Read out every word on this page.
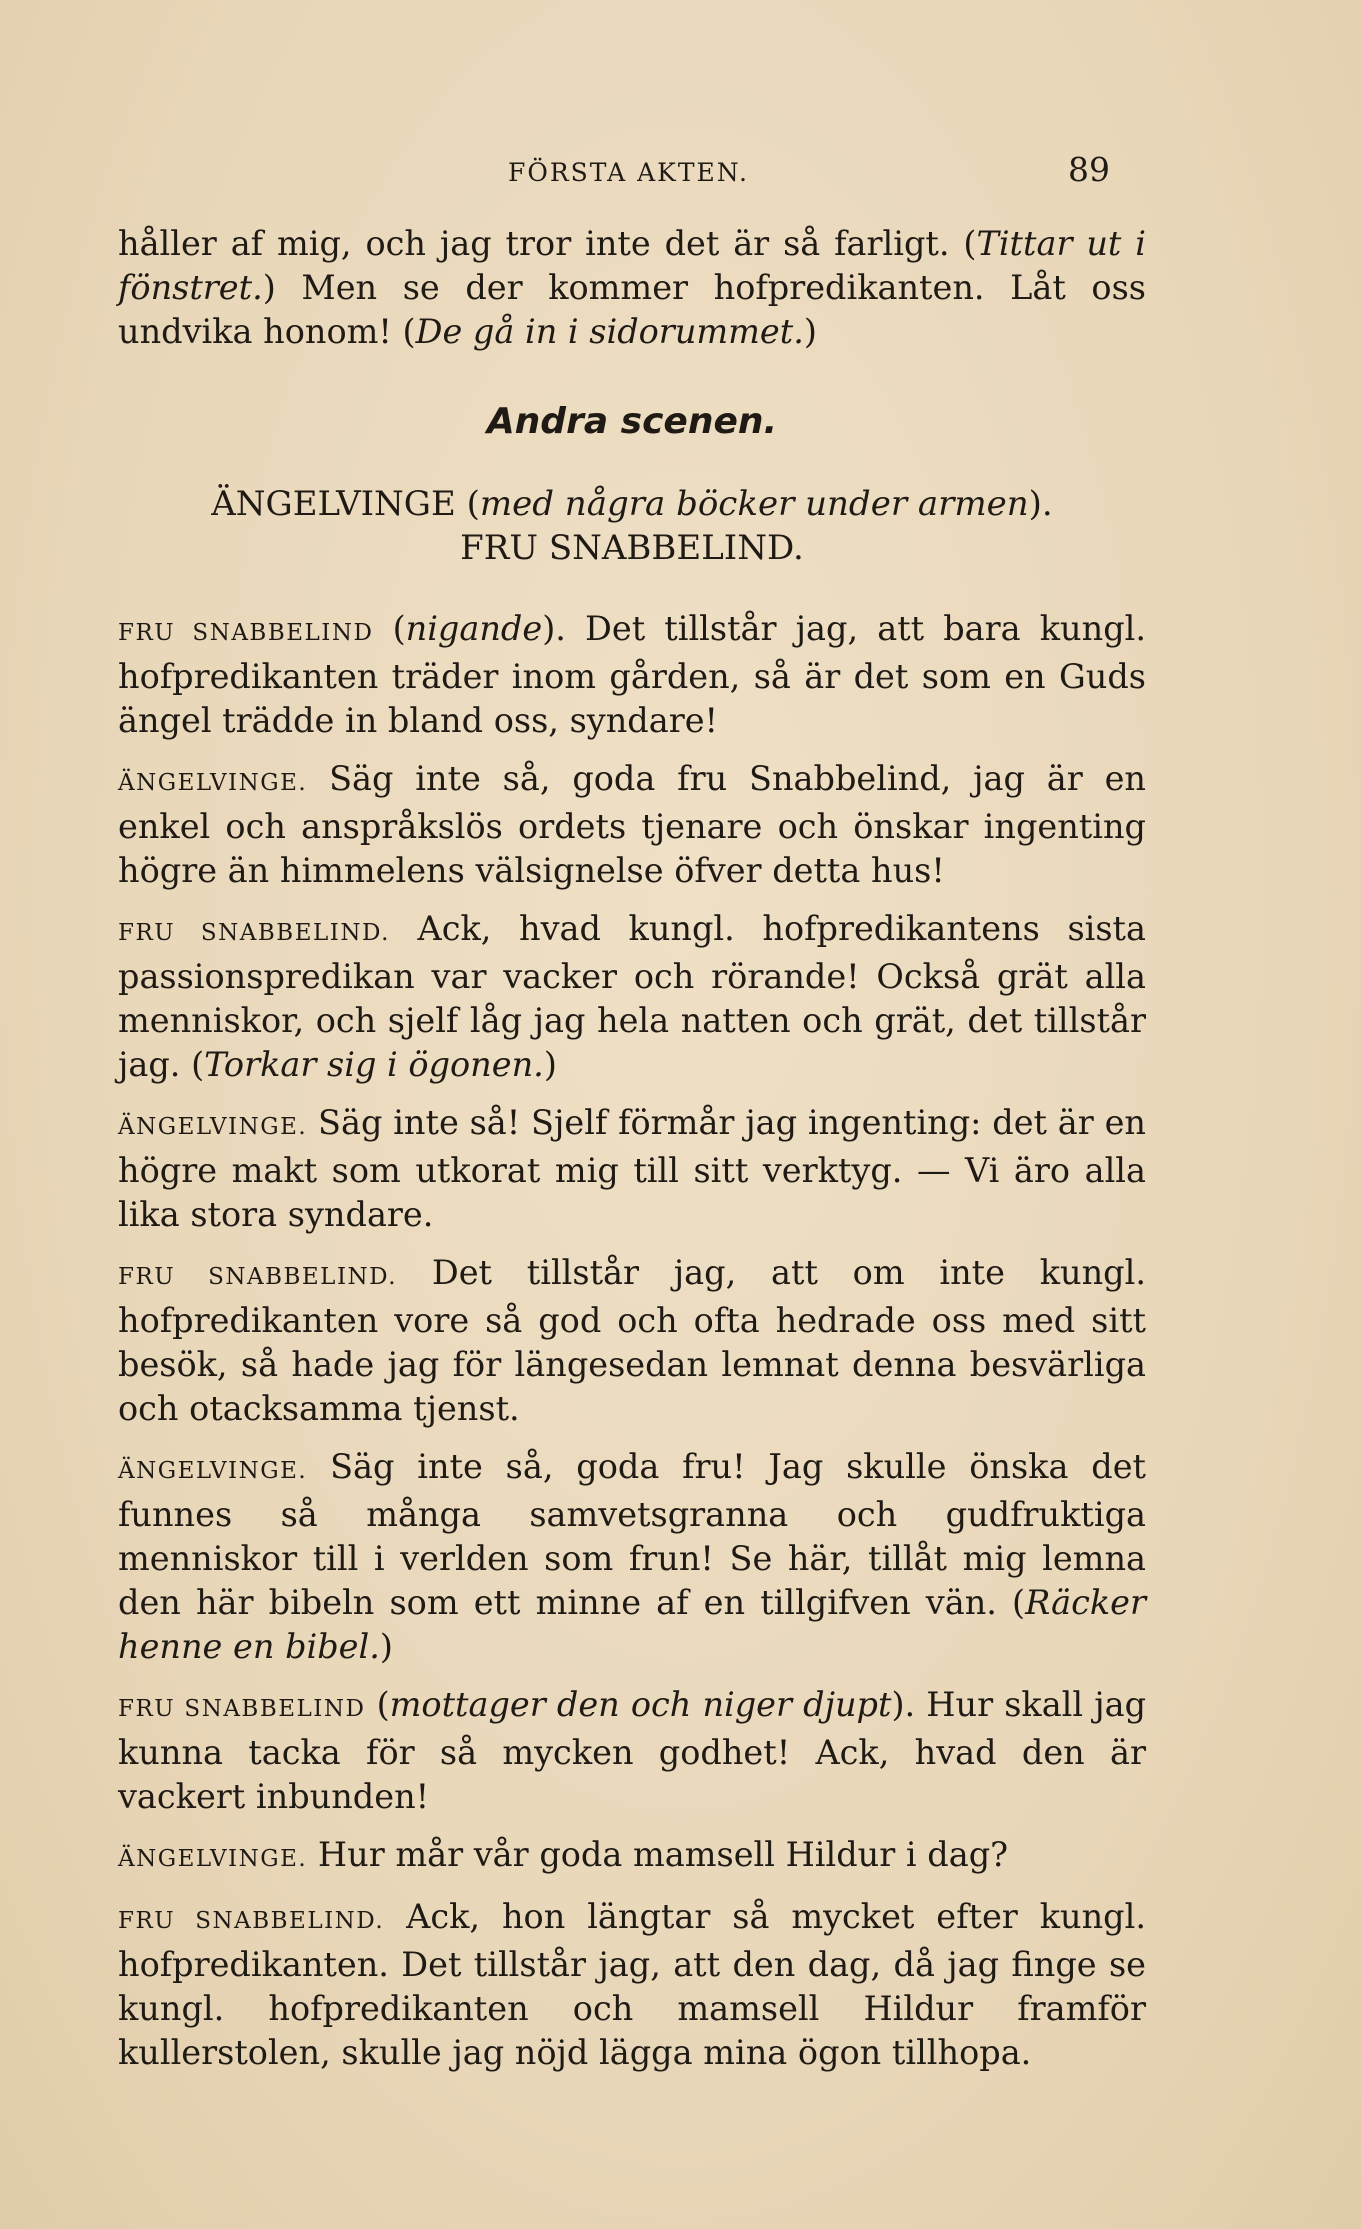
FÖRSTA AKTEN.	89

håller af mig, och jag tror inte det är så farligt. (Tittar ut i fönstret.) Men se der kommer hofpredikanten. Låt oss undvika honom! (De gå in i sidorummet.)

Andra scenen.

ÄNGELVINGE (med några böcker under armen).

FRU SNABBELIND.

FRU SNABBELIND (nigande). Det tillstår jag, att bara kungl. hofpredikanten träder inom gården, så är det som en Guds ängel trädde in bland oss, syndare!

ÄNGELVINGE. Säg inte så, goda fru Snabbelind, jag är en enkel och anspråkslös ordets tjenare och önskar ingenting högre än himmelens välsignelse öfver detta hus!

FRU SNABBELIND. Ack, hvad kungl. hofpredikantens sista passionspredikan var vacker och rörande! Också grät alla menniskor, och sjelf låg jag hela natten och grät, det tillstår jag. (Torkar sig i ögonen.)

ÄNGELVINGE. Säg inte så! Sjelf förmår jag ingenting: det är en högre makt som utkorat mig till sitt verktyg. — Vi äro alla lika stora syndare.

FRU SNABBELIND. Det tillstår jag, att om inte kungl. hofpredikanten vore så god och ofta hedrade oss med sitt besök, så hade jag för längesedan lemnat denna besvärliga och otacksamma tjenst.

ÄNGELVINGE. Säg inte så, goda fru! Jag skulle önska det funnes så många samvetsgranna och gudfruktiga menniskor till i verlden som frun! Se här, tillåt mig lemna den här bibeln som ett minne af en tillgifven vän. (Räcker henne en bibel.)

FRU SNABBELIND (mottager den och niger djupt). Hur skall jag kunna tacka för så mycken godhet! Ack, hvad den är vackert inbunden!

ÄNGELVINGE. Hur mår vår goda mamsell Hildur i dag?

FRU SNABBELIND. Ack, hon längtar så mycket efter kungl. hofpredikanten. Det tillstår jag, att den dag, då jag finge se kungl. hofpredikanten och mamsell Hildur framför kullerstolen, skulle jag nöjd lägga mina ögon tillhopa.
